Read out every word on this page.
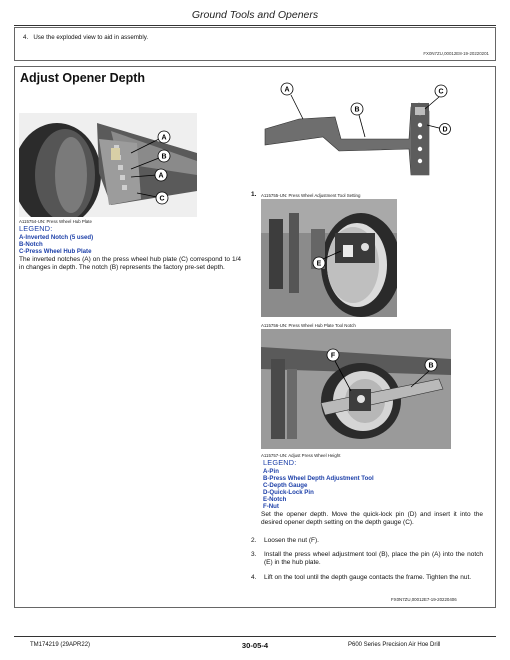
Ground Tools and Openers
4. Use the exploded view to aid in assembly.
FX0N7ZU,00012E8-19-20220201
Adjust Opener Depth
A
B
A
C
A115754-UN: Press Wheel Hub Plate
LEGEND:
A-Inverted Notch (5 used)
B-Notch
C-Press Wheel Hub Plate
The inverted notches (A) on the press wheel hub plate (C) correspond to 1/4 in changes in depth. The notch (B) represents the factory pre-set depth.
A
B
C
D
1. A115755-UN: Press Wheel Adjustment Tool Setting
E
A115756-UN: Press Wheel Hub Plate Tool Notch
F
B
A115757-UN: Adjust Press Wheel Height
LEGEND:
A-Pin
B-Press Wheel Depth Adjustment Tool
C-Depth Gauge
D-Quick-Lock Pin
E-Notch
F-Nut
Set the opener depth. Move the quick-lock pin (D) and insert it into the desired opener depth setting on the depth gauge (C).
2. Loosen the nut (F).
3. Install the press wheel adjustment tool (B), place the pin (A) into the notch (E) in the hub plate.
4. Lift on the tool until the depth gauge contacts the frame. Tighten the nut.
FX0N7ZU,00012E7-19-20220406
TM174219 (29APR22)	30-05-4	P600 Series Precision Air Hoe Drill
